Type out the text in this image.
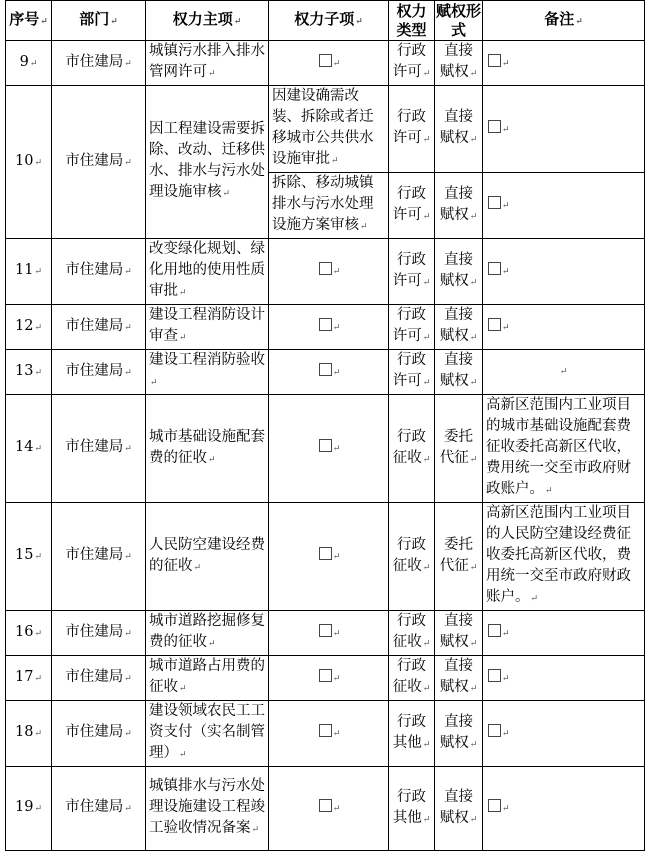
序号 ↵	部门 ↵	权力主项 ↵	权力子项 ↵	权力类型	赋权形式	备注 ↵
9 ↵	市住建局 ↵	城镇污水排入排水管网许可 ↵	↵	行政许可 ↵	直接赋权 ↵	↵
10 ↵	市住建局 ↵	因工程建设需要拆除、改动、迁移供水、排水与污水处理设施审核 ↵	因建设确需改装、拆除或者迁移城市公共供水设施审批 ↵	行政许可 ↵	直接赋权 ↵	↵
			拆除、移动城镇排水与污水处理设施方案审核 ↵	行政许可 ↵	直接赋权 ↵	↵
11 ↵	市住建局 ↵	改变绿化规划、绿化用地的使用性质审批 ↵	↵	行政许可 ↵	直接赋权 ↵	↵
12 ↵	市住建局 ↵	建设工程消防设计审查 ↵	↵	行政许可 ↵	直接赋权 ↵	↵
13 ↵	市住建局 ↵	建设工程消防验收 ↵	↵	行政许可 ↵	直接赋权 ↵	↵

14 ↵	市住建局 ↵	城市基础设施配套费的征收 ↵	↵	行政征收 ↵	委托代征 ↵	高新区范围内工业项目的城市基础设施配套费征收委托高新区代收，费用统一交至市政府财政账户。 ↵
15 ↵	市住建局 ↵	人民防空建设经费的征收 ↵	↵	行政征收 ↵	委托代征 ↵	高新区范围内工业项目的人民防空建设经费征收委托高新区代收，费用统一交至市政府财政账户。 ↵
16 ↵	市住建局 ↵	城市道路挖掘修复费的征收 ↵	↵	行政征收 ↵	直接赋权 ↵	↵
17 ↵	市住建局 ↵	城市道路占用费的征收 ↵	↵	行政征收 ↵	直接赋权 ↵	↵
18 ↵	市住建局 ↵	建设领域农民工工资支付（实名制管理） ↵	↵	行政其他 ↵	直接赋权 ↵	↵
19 ↵	市住建局 ↵	城镇排水与污水处理设施建设工程竣工验收情况备案 ↵	↵	行政其他 ↵	直接赋权 ↵	↵
